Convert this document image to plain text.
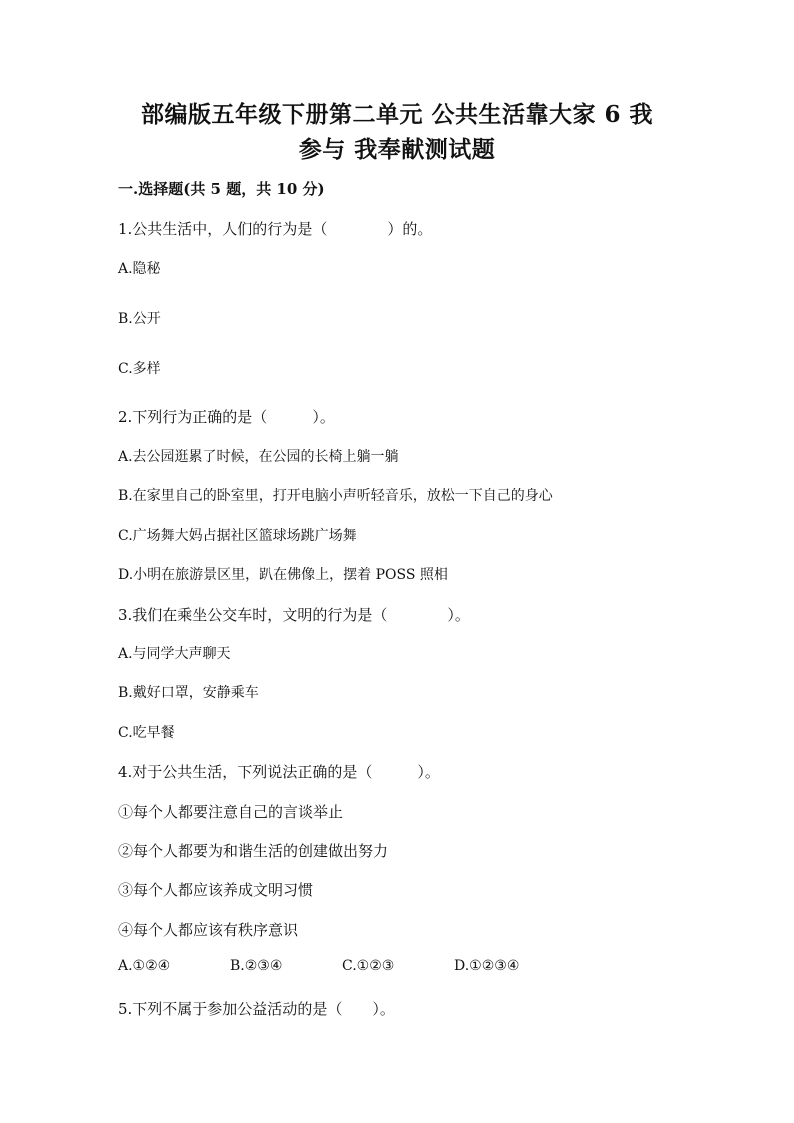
部编版五年级下册第二单元 公共生活靠大家 6 我
参与 我奉献测试题
一.选择题(共 5 题，共 10 分)
1.公共生活中，人们的行为是（　　　　）的。
A.隐秘
B.公开
C.多样
2.下列行为正确的是（　　　）。
A.去公园逛累了时候，在公园的长椅上躺一躺
B.在家里自己的卧室里，打开电脑小声听轻音乐，放松一下自己的身心
C.广场舞大妈占据社区篮球场跳广场舞
D.小明在旅游景区里，趴在佛像上，摆着 POSS 照相
3.我们在乘坐公交车时，文明的行为是（　　　　）。
A.与同学大声聊天
B.戴好口罩，安静乘车
C.吃早餐
4.对于公共生活，下列说法正确的是（　　　）。
①每个人都要注意自己的言谈举止
②每个人都要为和谐生活的创建做出努力
③每个人都应该养成文明习惯
④每个人都应该有秩序意识
A.①②④	B.②③④	C.①②③	D.①②③④
5.下列不属于参加公益活动的是（　　）。
